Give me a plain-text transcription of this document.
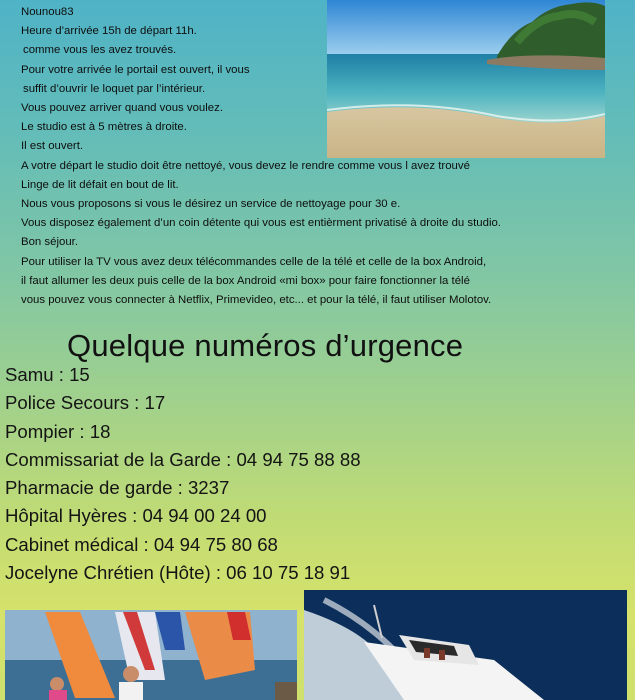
Nounou83
Heure d’arrivée 15h de départ 11h.
comme vous les avez trouvés.
Pour votre arrivée le portail est ouvert, il vous
suffit d’ouvrir le loquet par l’intérieur.
Vous pouvez arriver quand vous voulez.
Le studio est à 5 mètres à droite.
Il est ouvert.
A votre départ le studio doit être nettoyé, vous devez le rendre comme vous l avez trouvé
Linge de lit défait en bout de lit.
Nous vous proposons si vous le désirez un service de nettoyage pour 30 e.
Vous disposez également d’un coin détente qui vous est entièrment privatisé à droite du studio.
Bon séjour.
Pour utiliser la TV vous avez deux télécommandes celle de la télé et celle de la box Android,
il faut allumer les deux puis celle de la box Android «mi box» pour faire fonctionner la télé
vous pouvez vous connecter à Netflix, Primevideo, etc... et pour la télé, il faut utiliser Molotov.
Quelque numéros d’urgence
Samu : 15
Police Secours : 17
Pompier : 18
Commissariat de la Garde : 04 94 75 88 88
Pharmacie de garde : 3237
Hôpital Hyères : 04 94 00 24 00
Cabinet médical : 04 94 75 80 68
Jocelyne Chrétien (Hôte) : 06 10 75 18 91
